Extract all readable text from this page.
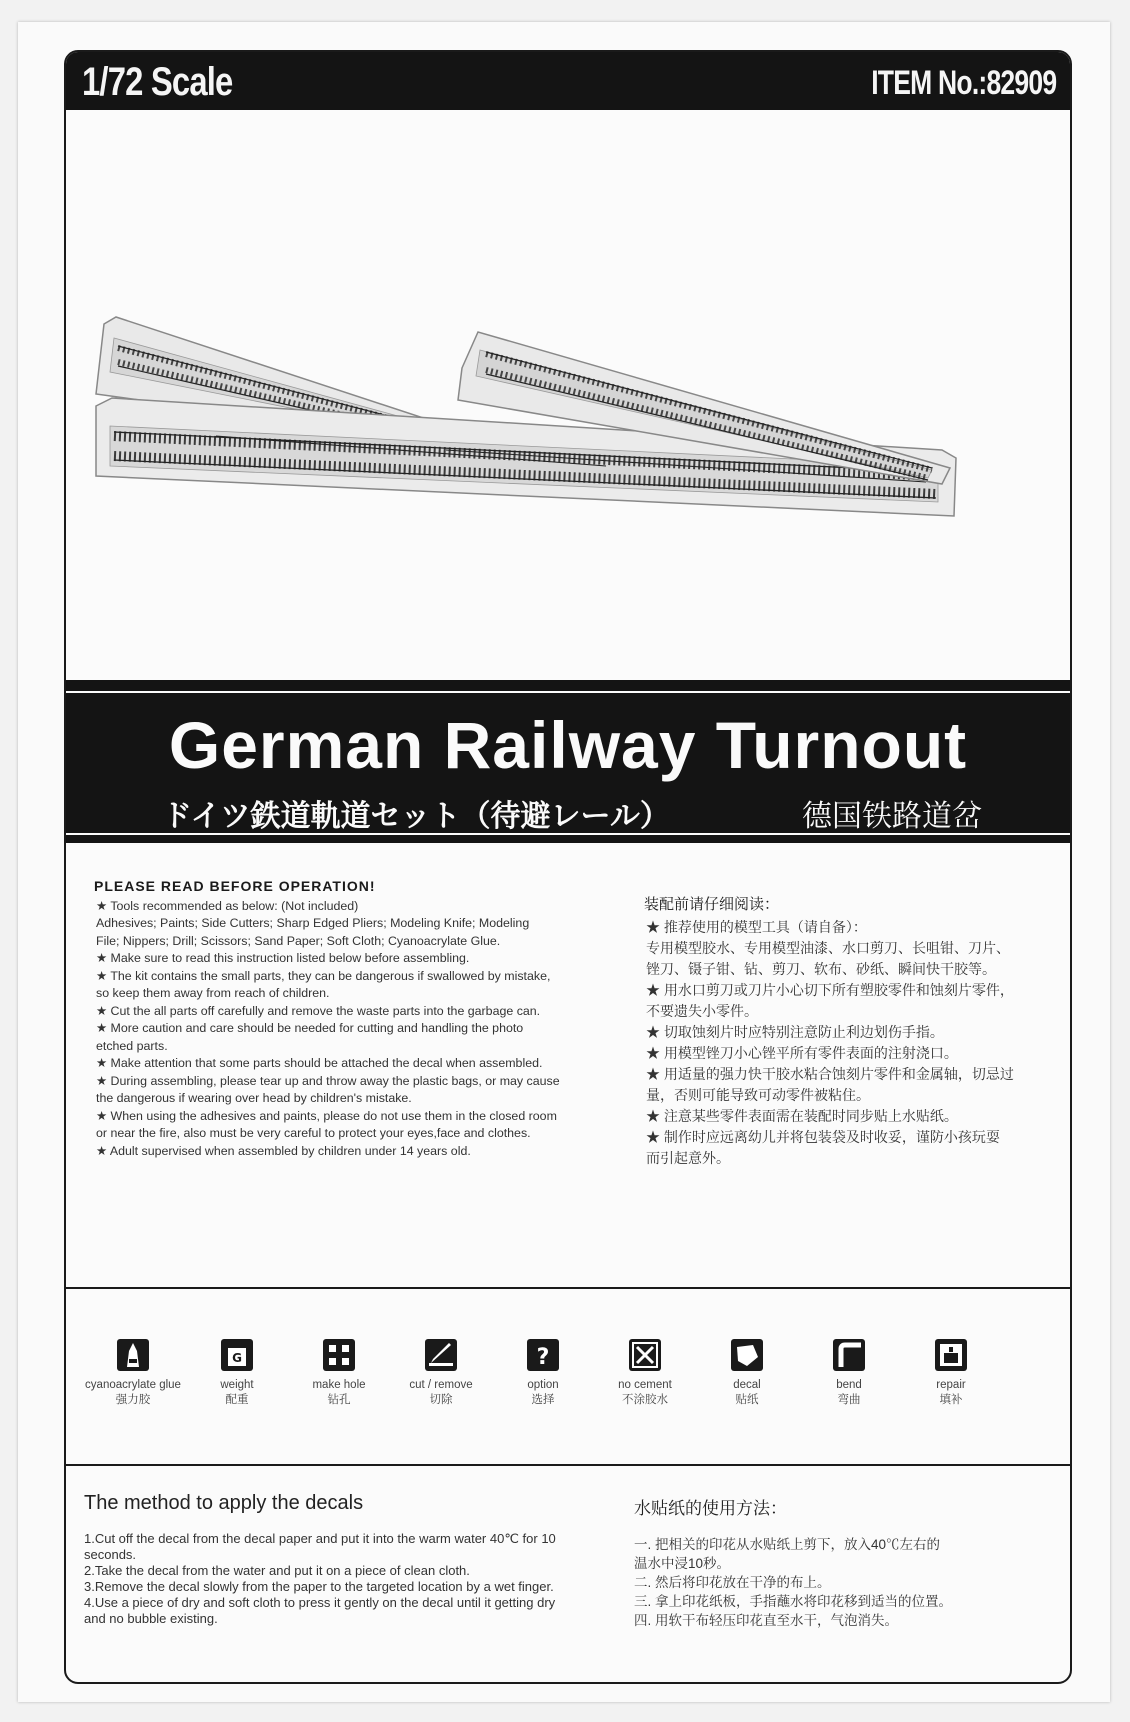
1/72 Scale	ITEM No.:82909
German Railway Turnout
ドイツ鉄道軌道セット（待避レール）	德国铁路道岔
PLEASE READ BEFORE OPERATION!
★ Tools recommended as below: (Not included)
Adhesives; Paints; Side Cutters; Sharp Edged Pliers; Modeling Knife; Modeling
File; Nippers; Drill; Scissors; Sand Paper; Soft Cloth; Cyanoacrylate Glue.
★ Make sure to read this instruction listed below before assembling.
★ The kit contains the small parts, they can be dangerous if swallowed by mistake,
so keep them away from reach of children.
★ Cut the all parts off carefully and remove the waste parts into the garbage can.
★ More caution and care should be needed for cutting and handling the photo
etched parts.
★ Make attention that some parts should be attached the decal when assembled.
★ During assembling, please tear up and throw away the plastic bags, or may cause
the dangerous if wearing over head by children's mistake.
★ When using the adhesives and paints, please do not use them in the closed room
or near the fire, also must be very careful to protect your eyes,face and clothes.
★ Adult supervised when assembled by children under 14 years old.
装配前请仔细阅读：
★ 推荐使用的模型工具（请自备）：
专用模型胶水、专用模型油漆、水口剪刀、长咀钳、刀片、
锉刀、镊子钳、钻、剪刀、软布、砂纸、瞬间快干胶等。
★ 用水口剪刀或刀片小心切下所有塑胶零件和蚀刻片零件，
不要遗失小零件。
★ 切取蚀刻片时应特别注意防止利边划伤手指。
★ 用模型锉刀小心锉平所有零件表面的注射浇口。
★ 用适量的强力快干胶水粘合蚀刻片零件和金属轴，切忌过
量，否则可能导致可动零件被粘住。
★ 注意某些零件表面需在装配时同步贴上水贴纸。
★ 制作时应远离幼儿并将包装袋及时收妥，谨防小孩玩耍
而引起意外。
cyanoacrylate glue
强力胶
G
weight
配重
make hole
钻孔
cut / remove
切除
?
option
选择
no cement
不涂胶水
decal
贴纸
bend
弯曲
repair
填补
The method to apply the decals
1.Cut off the decal from the decal paper and put it into the warm water 40℃ for 10
seconds.
2.Take the decal from the water and put it on a piece of clean cloth.
3.Remove the decal slowly from the paper to the targeted location by a wet finger.
4.Use a piece of dry and soft cloth to press it gently on the decal until it getting dry
and no bubble existing.
水贴纸的使用方法：
一. 把相关的印花从水贴纸上剪下，放入40℃左右的
温水中浸10秒。
二. 然后将印花放在干净的布上。
三. 拿上印花纸板，手指蘸水将印花移到适当的位置。
四. 用软干布轻压印花直至水干，气泡消失。
